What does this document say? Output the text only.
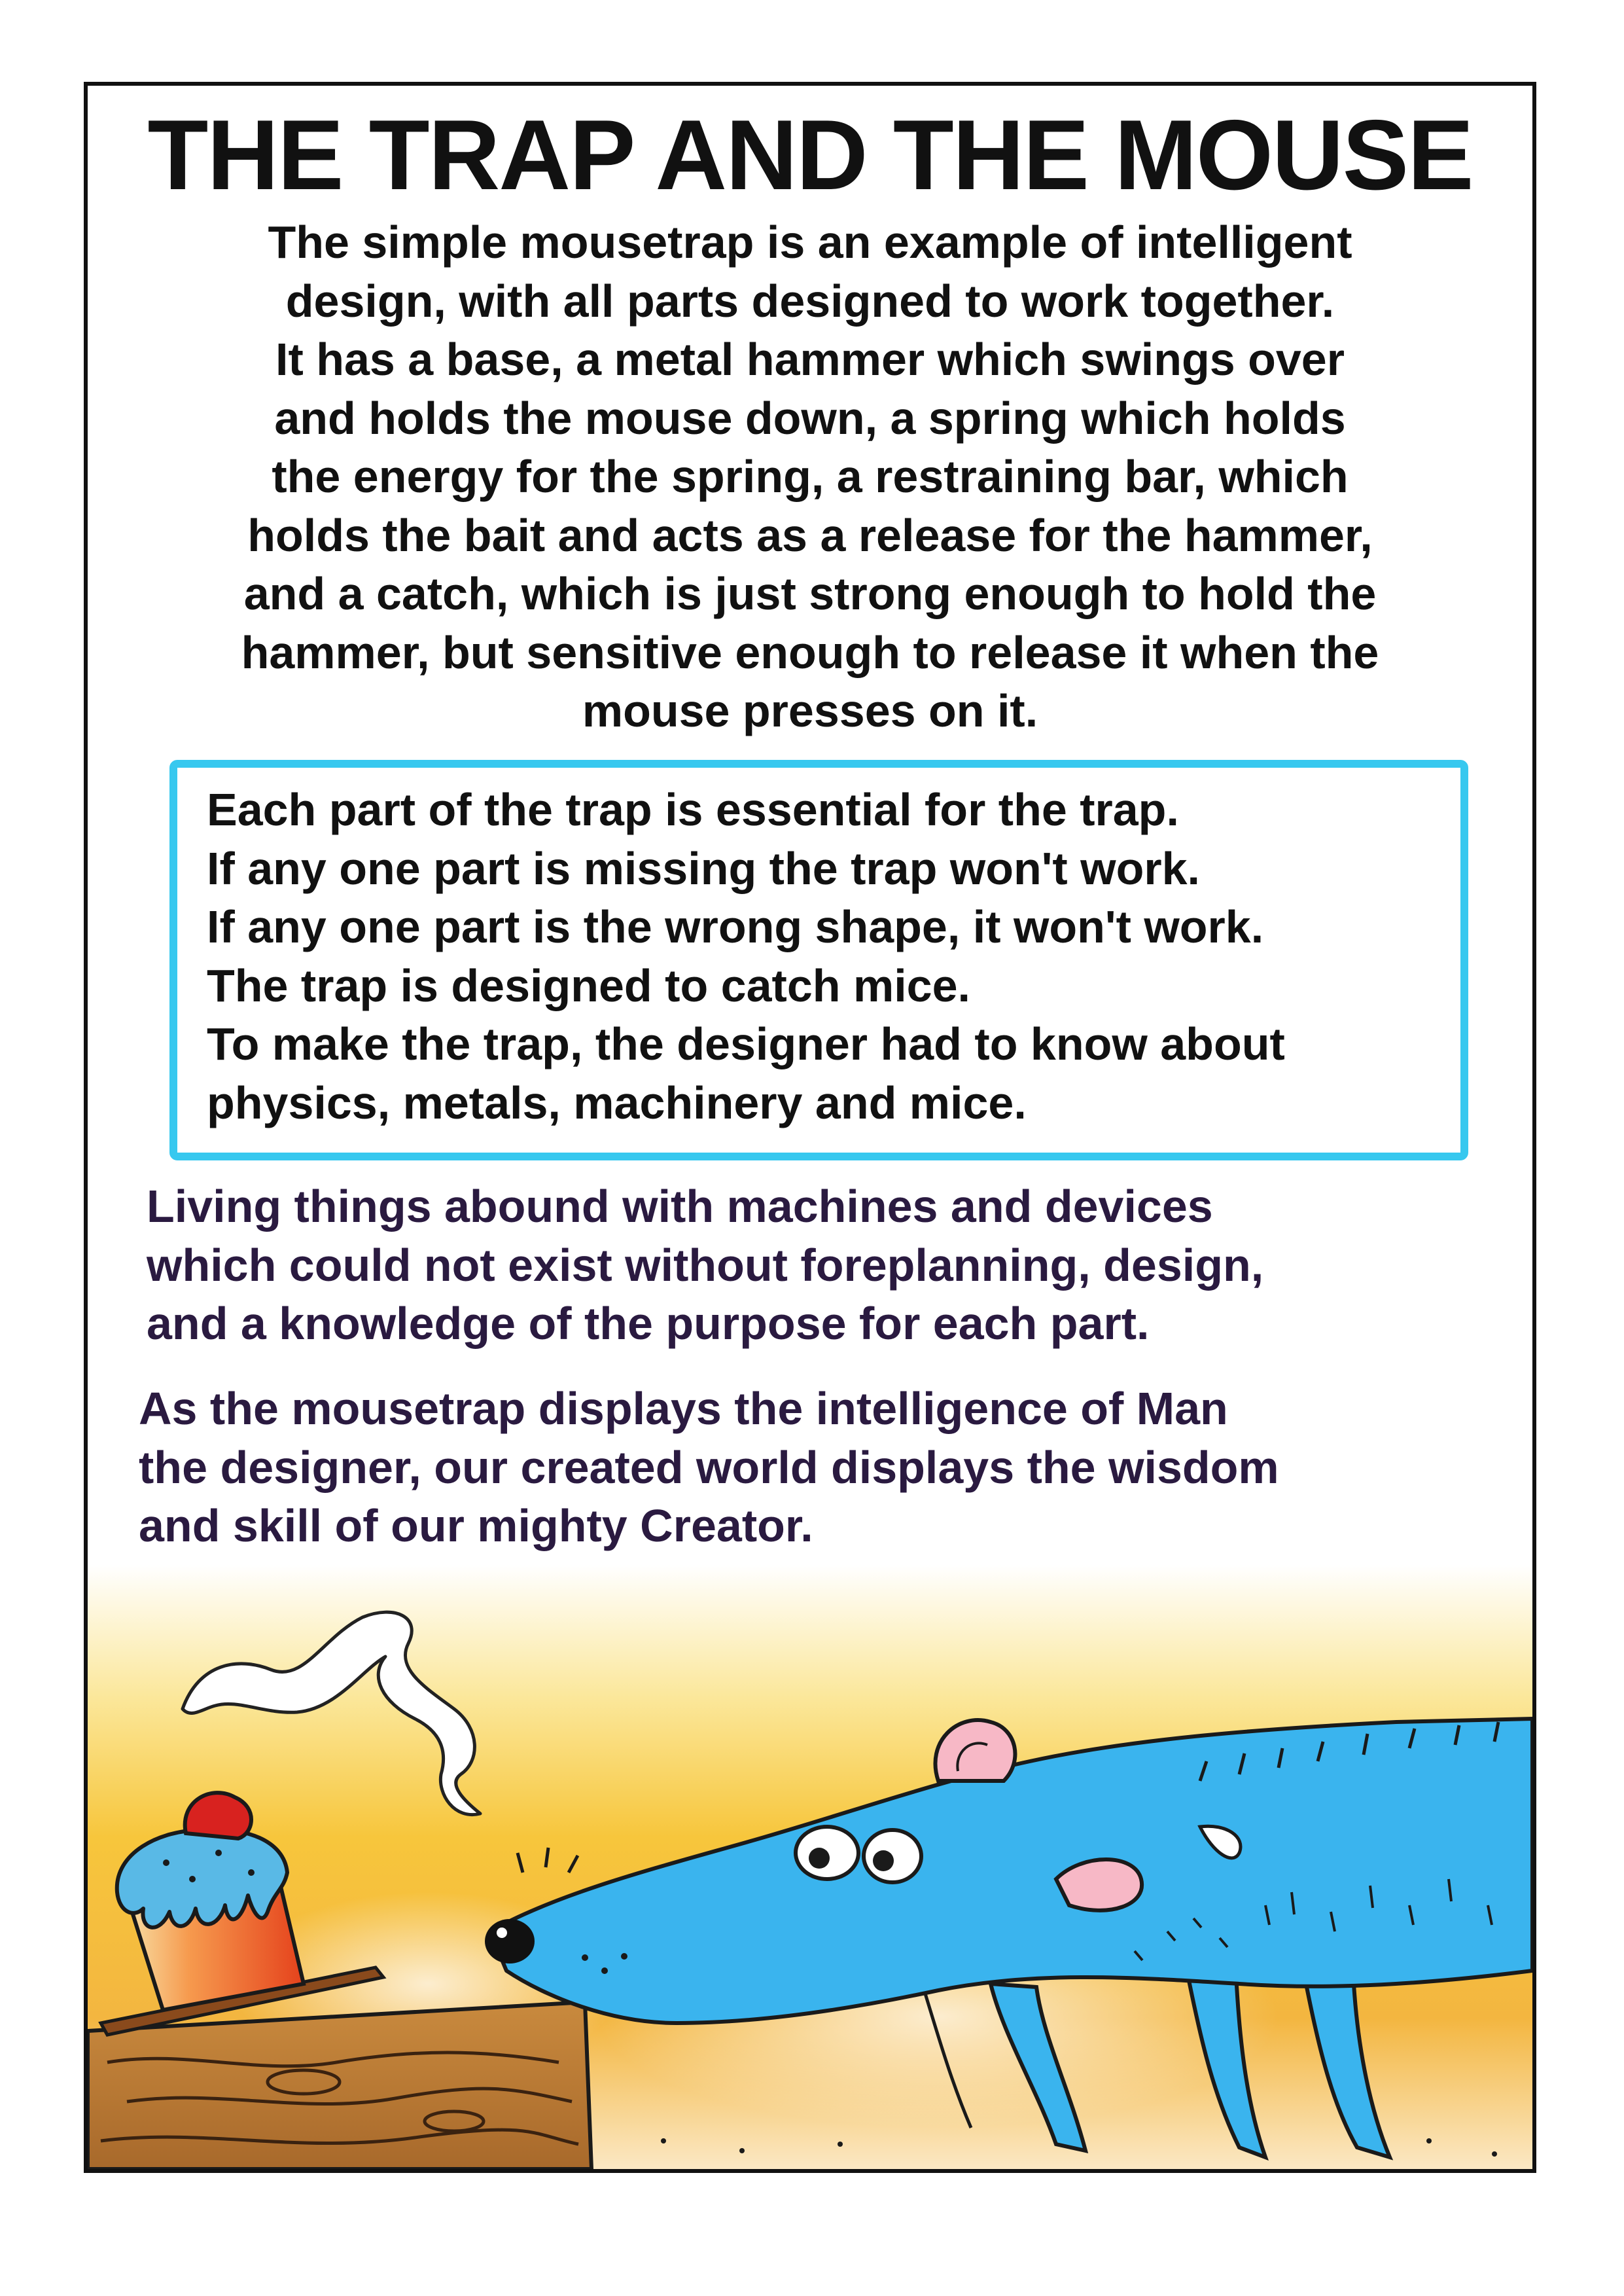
THE TRAP AND THE MOUSE

The simple mousetrap is an example of intelligent
design, with all parts designed to work together.
It has a base, a metal hammer which swings over
and holds the mouse down, a spring which holds
the energy for the spring, a restraining bar, which
holds the bait and acts as a release for the hammer,
and a catch, which is just strong enough to hold the
hammer, but sensitive enough to release it when the
mouse presses on it.

Each part of the trap is essential for the trap.
If any one part is missing the trap won't work.
If any one part is the wrong shape, it won't work.
The trap is designed to catch mice.
To make the trap, the designer had to know about
physics, metals, machinery and mice.

Living things abound with machines and devices
which could not exist without foreplanning, design,
and a knowledge of the purpose for each part.

As the mousetrap displays the intelligence of Man
the designer, our created world displays the wisdom
and skill of our mighty Creator.
